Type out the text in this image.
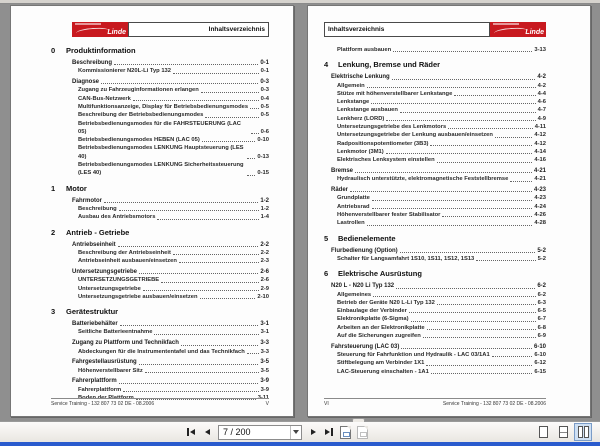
Linde	Inhaltsverzeichnis
0	Produktinformation
Beschreibung	0-1
Kommissionierer N20L-Li Typ 132	0-1
Diagnose	0-3
Zugang zu Fahrzeuginformationen erlangen	0-3
CAN-Bus-Netzwerk	0-4
Multifunktionsanzeige, Display für Betriebsbedienungsmodes 0-5
Beschreibung der Betriebsbedienungsmodes	0-5
Betriebsbedienungsmodes für die FAHRSTEUERUNG (LAC 05)	0-6
Betriebsbedienungsmodes HEBEN (LAC 05)	0-10
Betriebsbedienungsmodes LENKUNG Hauptsteuerung (LES 40)	0-13
Betriebsbedienungsmodes LENKUNG Sicherheitssteuerung (LES 40)	0-15
1	Motor
Fahrmotor	1-2
Beschreibung	1-2
Ausbau des Antriebsmotors	1-4
2	Antrieb - Getriebe
Antriebseinheit	2-2
Beschreibung der Antriebseinheit	2-2
Antriebseinheit ausbauen/einsetzen	2-3
Untersetzungsgetriebe	2-6
UNTERSETZUNGSGETRIEBE	2-6
Untersetzungsgetriebe	2-9
Untersetzungsgetriebe ausbauen/einsetzen	2-10
3	Gerätestruktur
Batteriebehälter	3-1
Seitliche Batterieentnahme	3-1
Zugang zu Plattform und Technikfach	3-3
Abdeckungen für die Instrumententafel und das Technikfach	3-3
Fahrgestellausrüstung	3-5
Höhenverstellbarer Sitz	3-5
Fahrerplattform	3-9
Fahrerplattform	3-9
Boden der Plattform	3-11
Service Training - 132 807 73 02 DE - 08.2006	V
Linde
Inhaltsverzeichnis
Plattform ausbauen	3-13
4	Lenkung, Bremse und Räder
Elektrische Lenkung	4-2
Allgemein	4-2
Stütze mit höhenverstellbarer Lenkstange	4-4
Lenkstange	4-6
Lenkstange ausbauen	4-7
Lenkherz (LORD)	4-9
Untersetzungsgetriebe des Lenkmotors	4-11
Untersetzungsgetriebe der Lenkung ausbauen/einsetzen	4-12
Radpositionspotentiometer (3B3)	4-12
Lenkmotor (3M1)	4-14
Elektrisches Lenksystem einstellen	4-16
Bremse	4-21
Hydraulisch unterstützte, elektromagnetische Feststellbremse	4-21
Räder	4-23
Grundplatte	4-23
Antriebsrad	4-24
Höhenverstellbarer fester Stabilisator	4-26
Lastrollen	4-28
5	Bedienelemente
Flurbedienung (Option)	5-2
Schalter für Langsamfahrt 1S10, 1S11, 1S12, 1S13	5-2
6	Elektrische Ausrüstung
N20 L - N20 Li Typ 132	6-2
Allgemeines	6-2
Betrieb der Geräte N20 L-Li Typ 132	6-3
Einbaulage der Verbinder	6-5
Elektronikplatte (6-Sigma)	6-7
Arbeiten an der Elektronikplatte	6-8
Auf die Sicherungen zugreifen	6-9
Fahrsteuerung (LAC 03)	6-10
Steuerung für Fahrfunktion und Hydraulik - LAC 03/1A1	6-10
Stiftbelegung am Verbinder 1X1	6-12
LAC-Steuerung einschalten - 1A1	6-15
VI	Service Training - 132 807 73 02 DE - 08.2006
7 / 200
